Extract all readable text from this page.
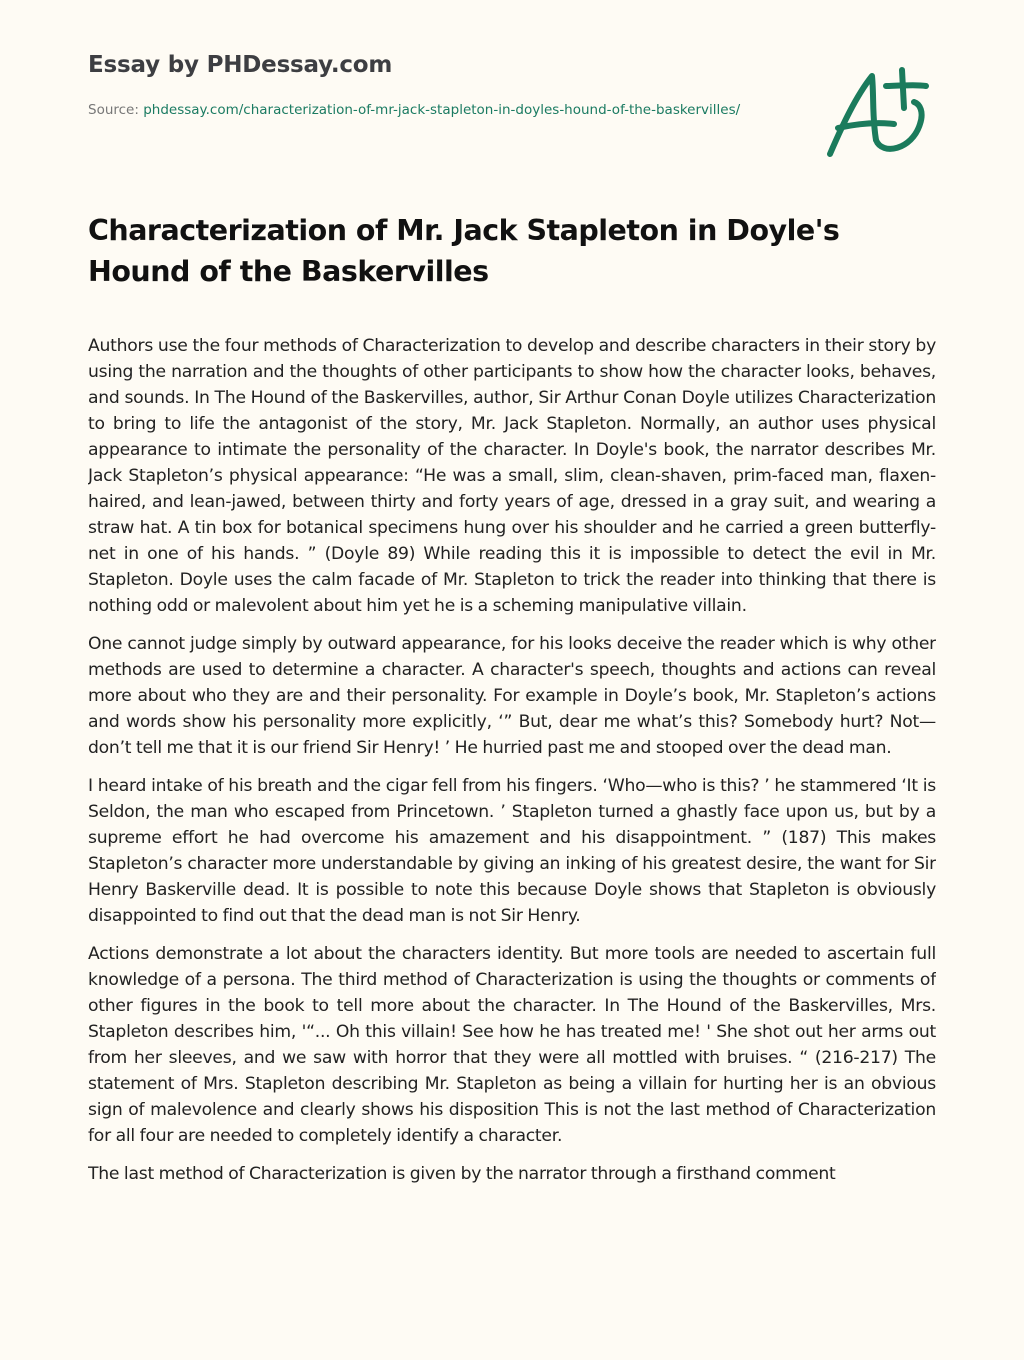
Essay by PHDessay.com
Source: phdessay.com/characterization-of-mr-jack-stapleton-in-doyles-hound-of-the-baskervilles/
Characterization of Mr. Jack Stapleton in Doyle's Hound of the Baskervilles

Authors use the four methods of Characterization to develop and describe characters in their story by using the narration and the thoughts of other participants to show how the character looks, behaves, and sounds. In The Hound of the Baskervilles, author, Sir Arthur Conan Doyle utilizes Characterization to bring to life the antagonist of the story, Mr. Jack Stapleton. Normally, an author uses physical appearance to intimate the personality of the character. In Doyle's book, the narrator describes Mr. Jack Stapleton’s physical appearance: “He was a small, slim, clean-shaven, prim-faced man, flaxen-haired, and lean-jawed, between thirty and forty years of age, dressed in a gray suit, and wearing a straw hat. A tin box for botanical specimens hung over his shoulder and he carried a green butterfly-net in one of his hands. ” (Doyle 89) While reading this it is impossible to detect the evil in Mr. Stapleton. Doyle uses the calm facade of Mr. Stapleton to trick the reader into thinking that there is nothing odd or malevolent about him yet he is a scheming manipulative villain.

One cannot judge simply by outward appearance, for his looks deceive the reader which is why other methods are used to determine a character. A character's speech, thoughts and actions can reveal more about who they are and their personality. For example in Doyle’s book, Mr. Stapleton’s actions and words show his personality more explicitly, ‘” But, dear me what’s this? Somebody hurt? Not—don’t tell me that it is our friend Sir Henry! ’ He hurried past me and stooped over the dead man.

I heard intake of his breath and the cigar fell from his fingers. ‘Who—who is this? ’ he stammered ‘It is Seldon, the man who escaped from Princetown. ’ Stapleton turned a ghastly face upon us, but by a supreme effort he had overcome his amazement and his disappointment. ” (187) This makes Stapleton’s character more understandable by giving an inking of his greatest desire, the want for Sir Henry Baskerville dead. It is possible to note this because Doyle shows that Stapleton is obviously disappointed to find out that the dead man is not Sir Henry.

Actions demonstrate a lot about the characters identity. But more tools are needed to ascertain full knowledge of a persona. The third method of Characterization is using the thoughts or comments of other figures in the book to tell more about the character. In The Hound of the Baskervilles, Mrs. Stapleton describes him, '“... Oh this villain! See how he has treated me! ' She shot out her arms out from her sleeves, and we saw with horror that they were all mottled with bruises. “ (216-217) The statement of Mrs. Stapleton describing Mr. Stapleton as being a villain for hurting her is an obvious sign of malevolence and clearly shows his disposition This is not the last method of Characterization for all four are needed to completely identify a character.

The last method of Characterization is given by the narrator through a firsthand comment
